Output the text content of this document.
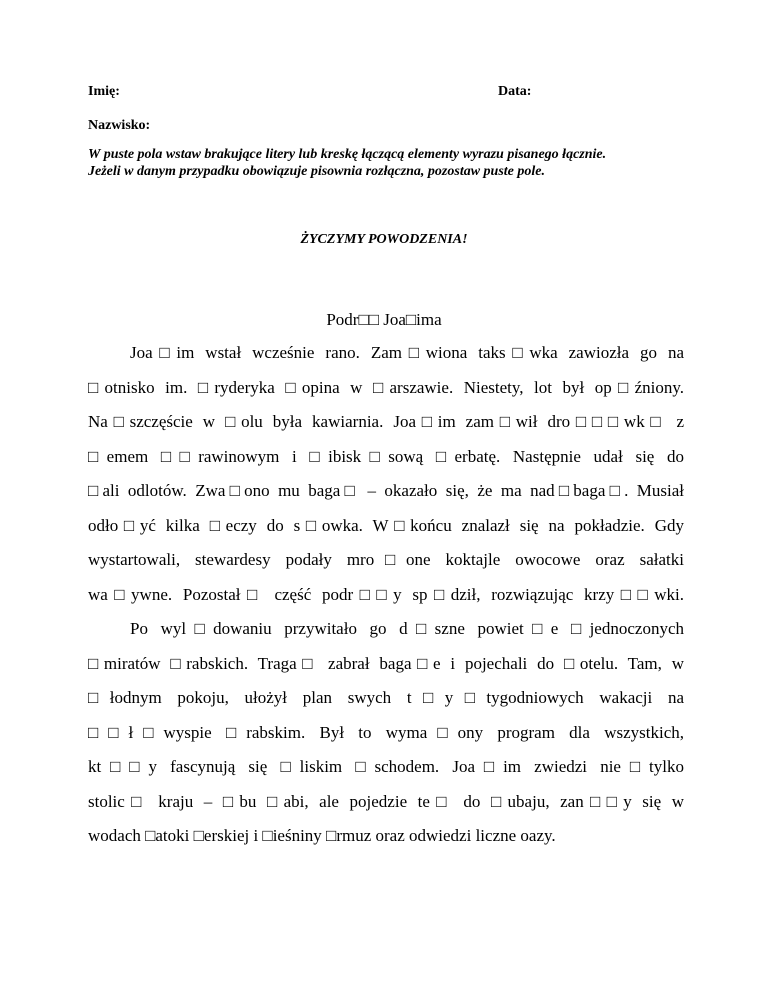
Imię:	Data:

Nazwisko:

W puste pola wstaw brakujące litery lub kreskę łączącą elementy wyrazu pisanego łącznie.
Jeżeli w danym przypadku obowiązuje pisownia rozłączna, pozostaw puste pole.

ŻYCZYMY POWODZENIA!

Podr□□ Joa□ima

Joa□im wstał wcześnie rano. Zam□wiona taks□wka zawiozła go na
□otnisko im. □ryderyka □opina w □arszawie. Niestety, lot był op□źniony.
Na□szczęście w □olu była kawiarnia. Joa□im zam□wił dro□□□wk□ z
□emem □□rawinowym i □ibisk□sową □erbatę. Następnie udał się do
□ali odlotów. Zwa□ono mu baga□ – okazało się, że ma nad□baga□. Musiał
odło□yć kilka □eczy do s□owka. W□końcu znalazł się na pokładzie. Gdy
wystartowali, stewardesy podały mro□one koktajle owocowe oraz sałatki
wa□ywne. Pozostał□ część podr□□y sp□dził, rozwiązując krzy□□wki.
Po wyl□dowaniu przywitało go d□szne powiet□e □jednoczonych
□miratów □rabskich. Traga□ zabrał baga□e i pojechali do □otelu. Tam, w
□łodnym pokoju, ułożył plan swych t□y□tygodniowych wakacji na
□□ł□wyspie □rabskim. Był to wyma□ony program dla wszystkich,
kt□□y fascynują się □liskim □schodem. Joa□im zwiedzi nie□tylko
stolic□ kraju – □bu □abi, ale pojedzie te□ do □ubaju, zan□□y się w
wodach □atoki □erskiej i □ieśniny □rmuz oraz odwiedzi liczne oazy.
